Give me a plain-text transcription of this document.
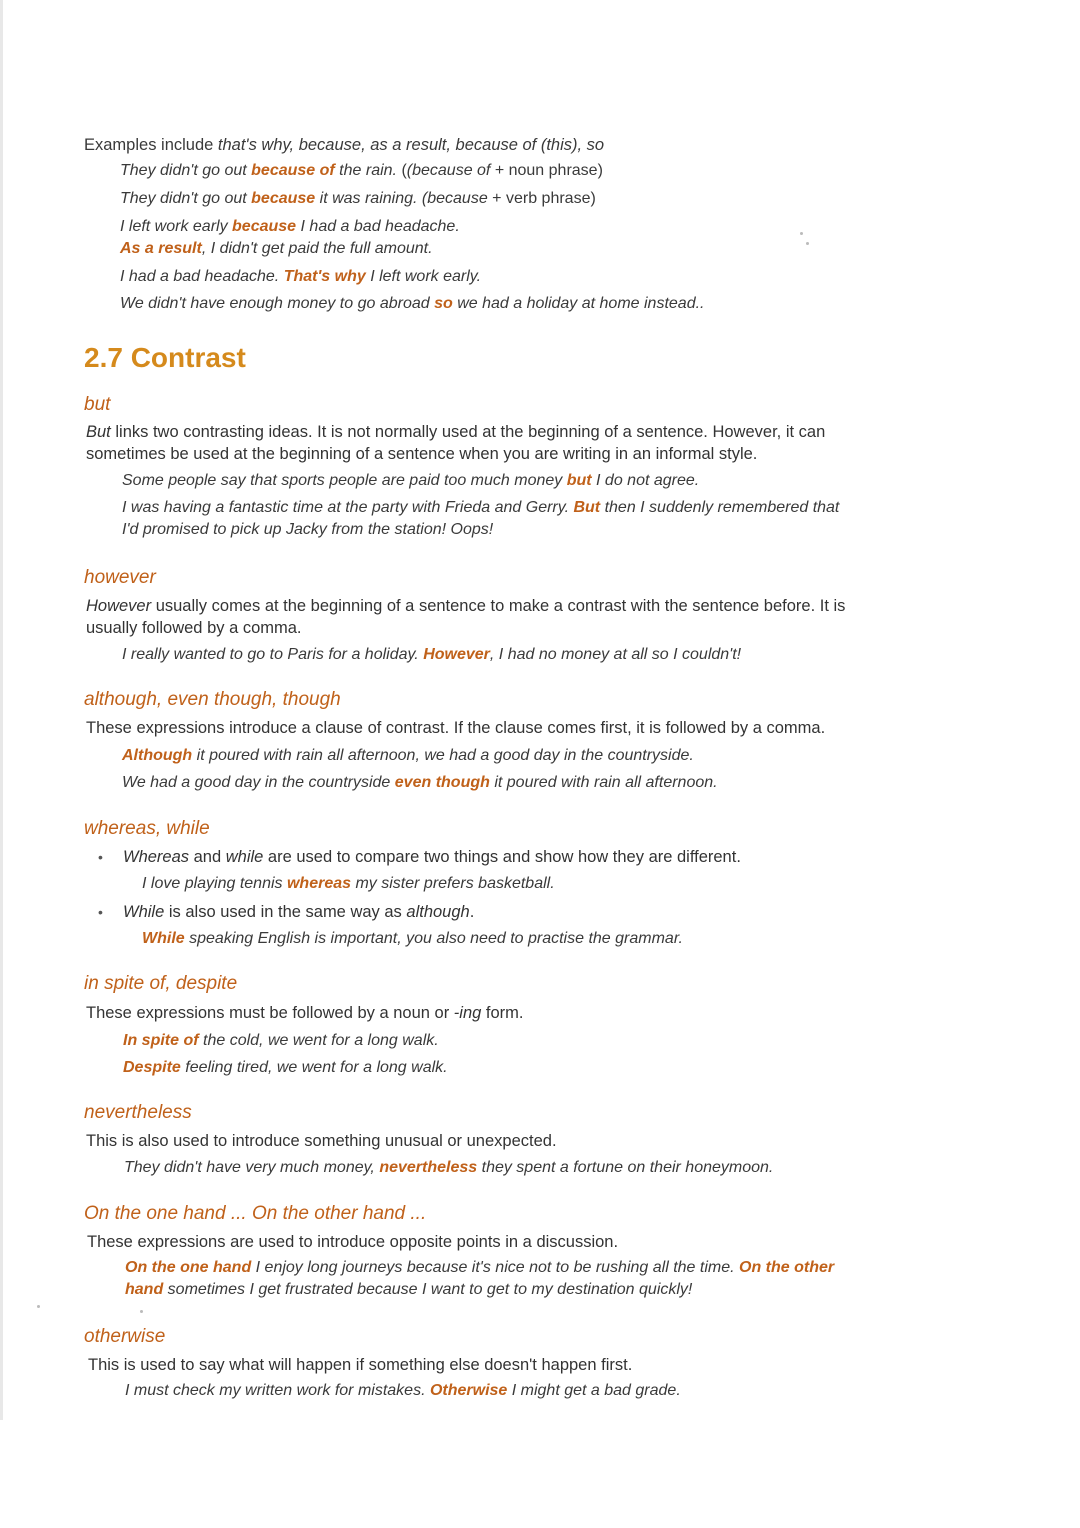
Examples include that's why, because, as a result, because of (this), so
They didn't go out because of the rain. ((because of + noun phrase)
They didn't go out because it was raining. (because + verb phrase)
I left work early because I had a bad headache.
As a result, I didn't get paid the full amount.
I had a bad headache. That's why I left work early.
We didn't have enough money to go abroad so we had a holiday at home instead..
2.7 Contrast
but
But links two contrasting ideas. It is not normally used at the beginning of a sentence. However, it can sometimes be used at the beginning of a sentence when you are writing in an informal style.
Some people say that sports people are paid too much money but I do not agree.
I was having a fantastic time at the party with Frieda and Gerry. But then I suddenly remembered that I'd promised to pick up Jacky from the station! Oops!
however
However usually comes at the beginning of a sentence to make a contrast with the sentence before. It is usually followed by a comma.
I really wanted to go to Paris for a holiday. However, I had no money at all so I couldn't!
although, even though, though
These expressions introduce a clause of contrast. If the clause comes first, it is followed by a comma.
Although it poured with rain all afternoon, we had a good day in the countryside.
We had a good day in the countryside even though it poured with rain all afternoon.
whereas, while
• Whereas and while are used to compare two things and show how they are different.
I love playing tennis whereas my sister prefers basketball.
• While is also used in the same way as although.
While speaking English is important, you also need to practise the grammar.
in spite of, despite
These expressions must be followed by a noun or -ing form.
In spite of the cold, we went for a long walk.
Despite feeling tired, we went for a long walk.
nevertheless
This is also used to introduce something unusual or unexpected.
They didn't have very much money, nevertheless they spent a fortune on their honeymoon.
On the one hand ... On the other hand ...
These expressions are used to introduce opposite points in a discussion.
On the one hand I enjoy long journeys because it's nice not to be rushing all the time. On the other hand sometimes I get frustrated because I want to get to my destination quickly!
otherwise
This is used to say what will happen if something else doesn't happen first.
I must check my written work for mistakes. Otherwise I might get a bad grade.
